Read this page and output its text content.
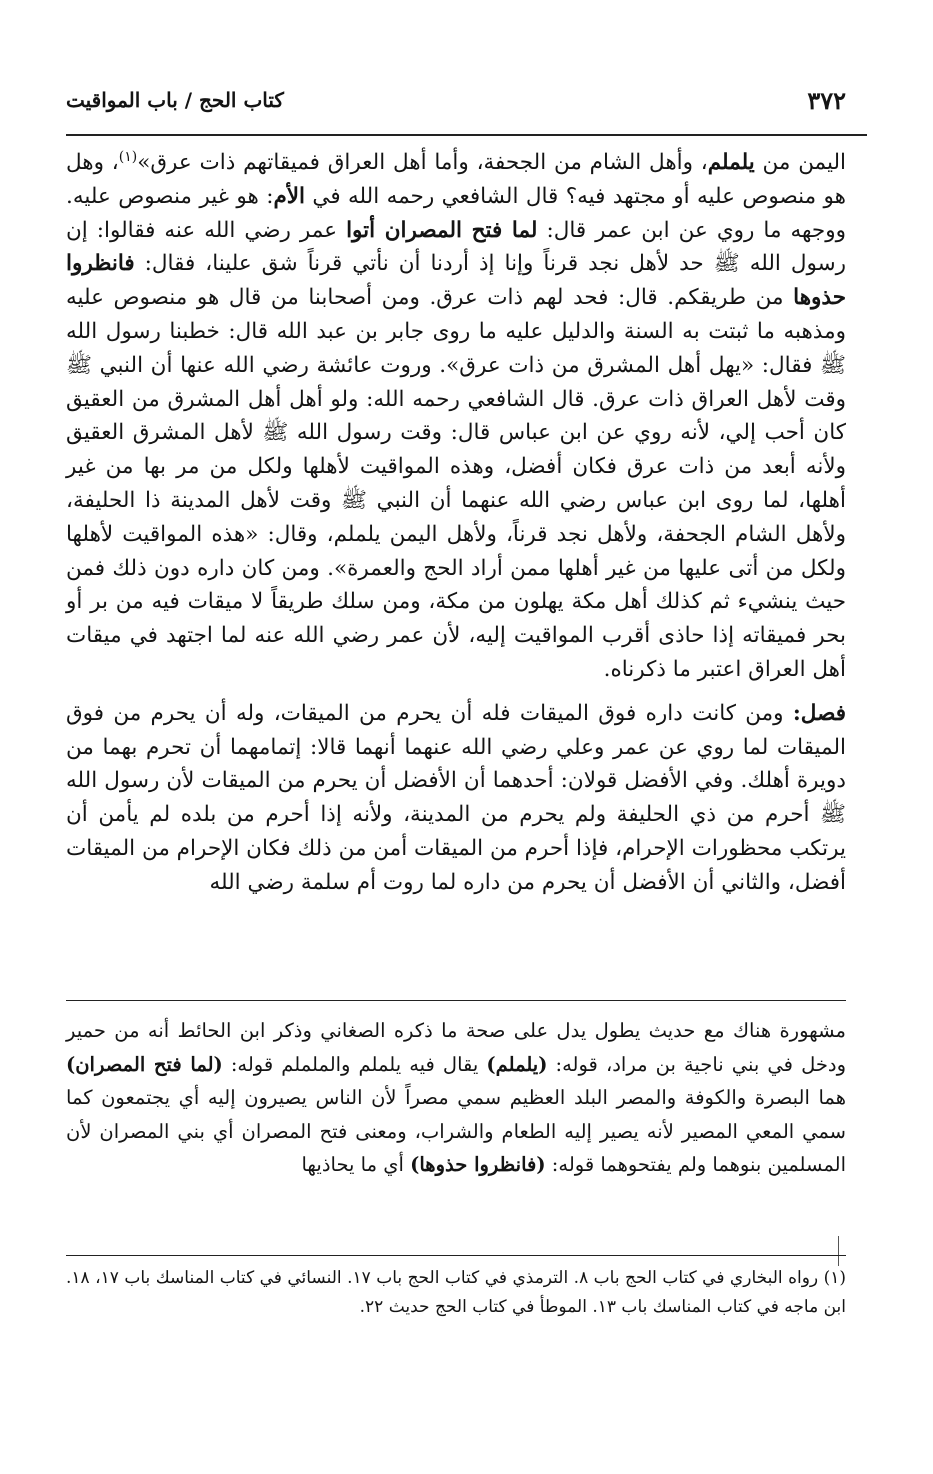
٣٧٢
كتاب الحج / باب المواقيت

اليمن من يلملم، وأهل الشام من الجحفة، وأما أهل العراق فميقاتهم ذات عرق»$^{(١)}$، وهل هو منصوص عليه أو مجتهد فيه؟ قال الشافعي رحمه الله في الأم: هو غير منصوص عليه. ووجهه ما روي عن ابن عمر قال: لما فتح المصران أتوا عمر رضي الله عنه فقالوا: إن رسول الله ﷺ حد لأهل نجد قرناً وإنا إذ أردنا أن نأتي قرناً شق علينا، فقال: فانظروا حذوها من طريقكم. قال: فحد لهم ذات عرق. ومن أصحابنا من قال هو منصوص عليه ومذهبه ما ثبتت به السنة والدليل عليه ما روى جابر بن عبد الله قال: خطبنا رسول الله ﷺ فقال: «يهل أهل المشرق من ذات عرق». وروت عائشة رضي الله عنها أن النبي ﷺ وقت لأهل العراق ذات عرق. قال الشافعي رحمه الله: ولو أهل أهل المشرق من العقيق كان أحب إلي، لأنه روي عن ابن عباس قال: وقت رسول الله ﷺ لأهل المشرق العقيق ولأنه أبعد من ذات عرق فكان أفضل، وهذه المواقيت لأهلها ولكل من مر بها من غير أهلها، لما روى ابن عباس رضي الله عنهما أن النبي ﷺ وقت لأهل المدينة ذا الحليفة، ولأهل الشام الجحفة، ولأهل نجد قرناً، ولأهل اليمن يلملم، وقال: «هذه المواقيت لأهلها ولكل من أتى عليها من غير أهلها ممن أراد الحج والعمرة». ومن كان داره دون ذلك فمن حيث ينشيء ثم كذلك أهل مكة يهلون من مكة، ومن سلك طريقاً لا ميقات فيه من بر أو بحر فميقاته إذا حاذى أقرب المواقيت إليه، لأن عمر رضي الله عنه لما اجتهد في ميقات أهل العراق اعتبر ما ذكرناه.

فصل: ومن كانت داره فوق الميقات فله أن يحرم من الميقات، وله أن يحرم من فوق الميقات لما روي عن عمر وعلي رضي الله عنهما أنهما قالا: إتمامهما أن تحرم بهما من دويرة أهلك. وفي الأفضل قولان: أحدهما أن الأفضل أن يحرم من الميقات لأن رسول الله ﷺ أحرم من ذي الحليفة ولم يحرم من المدينة، ولأنه إذا أحرم من بلده لم يأمن أن يرتكب محظورات الإحرام، فإذا أحرم من الميقات أمن من ذلك فكان الإحرام من الميقات أفضل، والثاني أن الأفضل أن يحرم من داره لما روت أم سلمة رضي الله

مشهورة هناك مع حديث يطول يدل على صحة ما ذكره الصغاني وذكر ابن الحائط أنه من حمير ودخل في بني ناجية بن مراد، قوله: (يلملم) يقال فيه يلملم والململم قوله: (لما فتح المصران) هما البصرة والكوفة والمصر البلد العظيم سمي مصراً لأن الناس يصيرون إليه أي يجتمعون كما سمي المعي المصير لأنه يصير إليه الطعام والشراب، ومعنى فتح المصران أي بني المصران لأن المسلمين بنوهما ولم يفتحوهما قوله: (فانظروا حذوها) أي ما يحاذيها

(١) رواه البخاري في كتاب الحج باب ٨. الترمذي في كتاب الحج باب ١٧. النسائي في كتاب المناسك باب ١٧، ١٨. ابن ماجه في كتاب المناسك باب ١٣. الموطأ في كتاب الحج حديث ٢٢.
